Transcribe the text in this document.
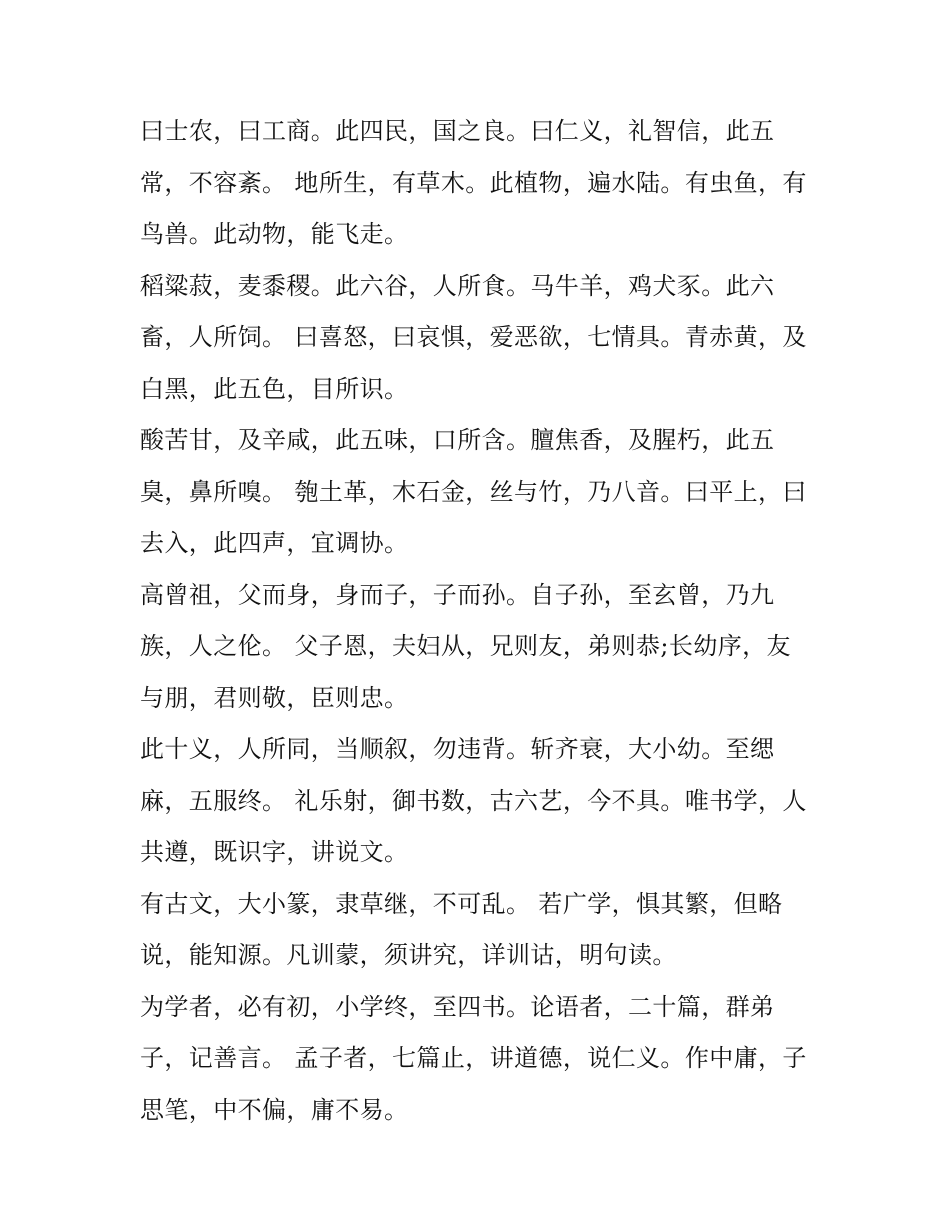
曰士农，曰工商。此四民，国之良。曰仁义，礼智信，此五常，不容紊。 地所生，有草木。此植物，遍水陆。有虫鱼，有鸟兽。此动物，能飞走。

稻粱菽，麦黍稷。此六谷，人所食。马牛羊，鸡犬豕。此六畜，人所饲。 曰喜怒，曰哀惧，爱恶欲，七情具。青赤黄，及白黑，此五色，目所识。

酸苦甘，及辛咸，此五味，口所含。膻焦香，及腥朽，此五臭，鼻所嗅。 匏土革，木石金，丝与竹，乃八音。曰平上，曰去入，此四声，宜调协。

高曾祖，父而身，身而子，子而孙。自子孙，至玄曾，乃九族，人之伦。 父子恩，夫妇从，兄则友，弟则恭;长幼序，友与朋，君则敬，臣则忠。

此十义，人所同，当顺叙，勿违背。斩齐衰，大小幼。至缌麻，五服终。 礼乐射，御书数，古六艺，今不具。唯书学，人共遵，既识字，讲说文。

有古文，大小篆，隶草继，不可乱。 若广学，惧其繁，但略说，能知源。凡训蒙，须讲究，详训诂，明句读。

为学者，必有初，小学终，至四书。论语者，二十篇，群弟子，记善言。 孟子者，七篇止，讲道德，说仁义。作中庸，子思笔，中不偏，庸不易。
